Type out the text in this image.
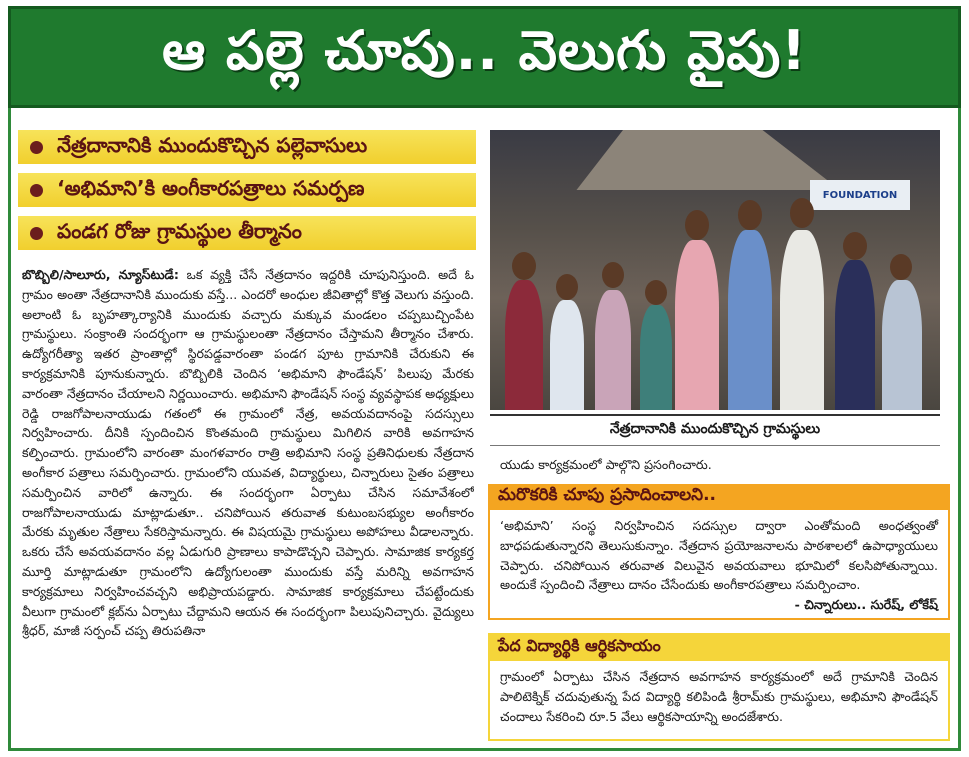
ఆ పల్లె చూపు.. వెలుగు వైపు!
నేత్రదానానికి ముందుకొచ్చిన పల్లెవాసులు
‘అభిమాని’కి అంగీకారపత్రాలు సమర్పణ
పండగ రోజు గ్రామస్థుల తీర్మానం

బొబ్బిలి/సాలూరు, న్యూస్‌టుడే: ఒక వ్యక్తి చేసే నేత్రదానం ఇద్దరికి చూపునిస్తుంది. అదే ఓ గ్రామం అంతా నేత్రదానానికి ముందుకు వస్తే... ఎందరో అంధుల జీవితాల్లో కొత్త వెలుగు వస్తుంది. అలాంటి ఓ బృహత్కార్యానికి ముందుకు వచ్చారు మక్కువ మండలం చప్పబుచ్చింపేట గ్రామస్థులు. సంక్రాంతి సందర్భంగా ఆ గ్రామస్థులంతా నేత్రదానం చేస్తామని తీర్మానం చేశారు. ఉద్యోగరీత్యా ఇతర ప్రాంతాల్లో స్థిరపడ్డవారంతా పండగ పూట గ్రామానికి చేరుకుని ఈ కార్యక్రమానికి పూనుకున్నారు. బొబ్బిలికి చెందిన ‘అభిమాని ఫౌండేషన్’ పిలుపు మేరకు వారంతా నేత్రదానం చేయాలని నిర్ణయించారు. అభిమాని ఫౌండేషన్ సంస్థ వ్యవస్థాపక అధ్యక్షులు రెడ్డి రాజగోపాలనాయుడు గతంలో ఈ గ్రామంలో నేత్ర, అవయవదానంపై సదస్సులు నిర్వహించారు. దీనికి స్పందించిన కొంతమంది గ్రామస్థులు మిగిలిన వారికి అవగాహన కల్పించారు. గ్రామంలోని వారంతా మంగళవారం రాత్రి అభిమాని సంస్థ ప్రతినిధులకు నేత్రదాన అంగీకార పత్రాలు సమర్పించారు. గ్రామంలోని యువత, విద్యార్థులు, చిన్నారులు సైతం పత్రాలు సమర్పించిన వారిలో ఉన్నారు. ఈ సందర్భంగా ఏర్పాటు చేసిన సమావేశంలో రాజగోపాలనాయుడు మాట్లాడుతూ.. చనిపోయిన తరువాత కుటుంబసభ్యుల అంగీకారం మేరకు మృతుల నేత్రాలు సేకరిస్తామన్నారు. ఈ విషయమై గ్రామస్థులు అపోహలు వీడాలన్నారు. ఒకరు చేసే అవయవదానం వల్ల ఏడుగురి ప్రాణాలు కాపాడొచ్చని చెప్పారు. సామాజిక కార్యకర్త మూర్తి మాట్లాడుతూ గ్రామంలోని ఉద్యోగులంతా ముందుకు వస్తే మరిన్ని అవగాహన కార్యక్రమాలు నిర్వహించవచ్చని అభిప్రాయపడ్డారు. సామాజిక కార్యక్రమాలు చేపట్టేందుకు వీలుగా గ్రామంలో క్లబ్‌ను ఏర్పాటు చేద్దామని ఆయన ఈ సందర్భంగా పిలుపునిచ్చారు. వైద్యులు శ్రీధర్, మాజీ సర్పంచ్ చప్ప తిరుపతినా

FOUNDATION
నేత్రదానానికి ముందుకొచ్చిన గ్రామస్థులు

యుడు కార్యక్రమంలో పాల్గొని ప్రసంగించారు.

మరొకరికి చూపు ప్రసాదించాలని..

‘అభిమాని’ సంస్థ నిర్వహించిన సదస్సుల ద్వారా ఎంతోమంది అంధత్వంతో బాధపడుతున్నారని తెలుసుకున్నాం. నేత్రదాన ప్రయోజనాలను పాఠశాలలో ఉపాధ్యాయులు చెప్పారు. చనిపోయిన తరువాత విలువైన అవయవాలు భూమిలో కలసిపోతున్నాయి. అందుకే స్పందించి నేత్రాలు దానం చేసేందుకు అంగీకారపత్రాలు సమర్పించాం.

- చిన్నారులు.. సురేష్, లోకేష్

పేద విద్యార్థికి ఆర్థికసాయం

గ్రామంలో ఏర్పాటు చేసిన నేత్రదాన అవగాహన కార్యక్రమంలో అదే గ్రామానికి చెందిన పాలిటెక్నిక్ చదువుతున్న పేద విద్యార్థి కలిపిండి శ్రీరామ్‌కు గ్రామస్థులు, అభిమాని ఫౌండేషన్ చందాలు సేకరించి రూ.5 వేలు ఆర్థికసాయాన్ని అందజేశారు.
